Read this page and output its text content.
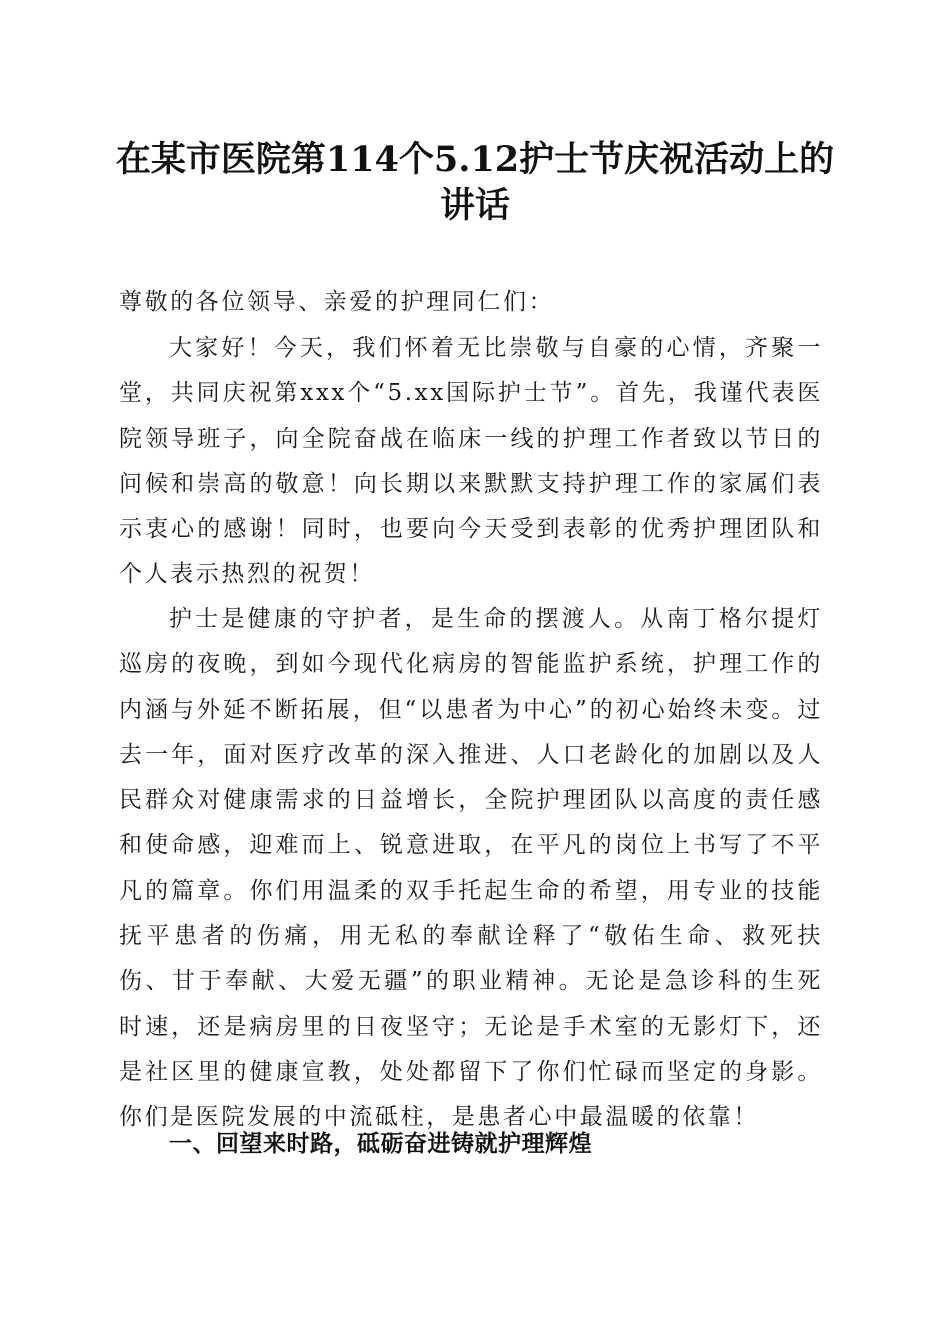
在某市医院第114个5.12护士节庆祝活动上的讲话

尊敬的各位领导、亲爱的护理同仁们：

大家好！今天，我们怀着无比崇敬与自豪的心情，齐聚一堂，共同庆祝第xxx个“5.xx国际护士节”。首先，我谨代表医院领导班子，向全院奋战在临床一线的护理工作者致以节日的问候和崇高的敬意！向长期以来默默支持护理工作的家属们表示衷心的感谢！同时，也要向今天受到表彰的优秀护理团队和个人表示热烈的祝贺！

护士是健康的守护者，是生命的摆渡人。从南丁格尔提灯巡房的夜晚，到如今现代化病房的智能监护系统，护理工作的内涵与外延不断拓展，但“以患者为中心”的初心始终未变。过去一年，面对医疗改革的深入推进、人口老龄化的加剧以及人民群众对健康需求的日益增长，全院护理团队以高度的责任感和使命感，迎难而上、锐意进取，在平凡的岗位上书写了不平凡的篇章。你们用温柔的双手托起生命的希望，用专业的技能抚平患者的伤痛，用无私的奉献诠释了“敬佑生命、救死扶伤、甘于奉献、大爱无疆”的职业精神。无论是急诊科的生死时速，还是病房里的日夜坚守；无论是手术室的无影灯下，还是社区里的健康宣教，处处都留下了你们忙碌而坚定的身影。你们是医院发展的中流砥柱，是患者心中最温暖的依靠！

一、回望来时路，砥砺奋进铸就护理辉煌
